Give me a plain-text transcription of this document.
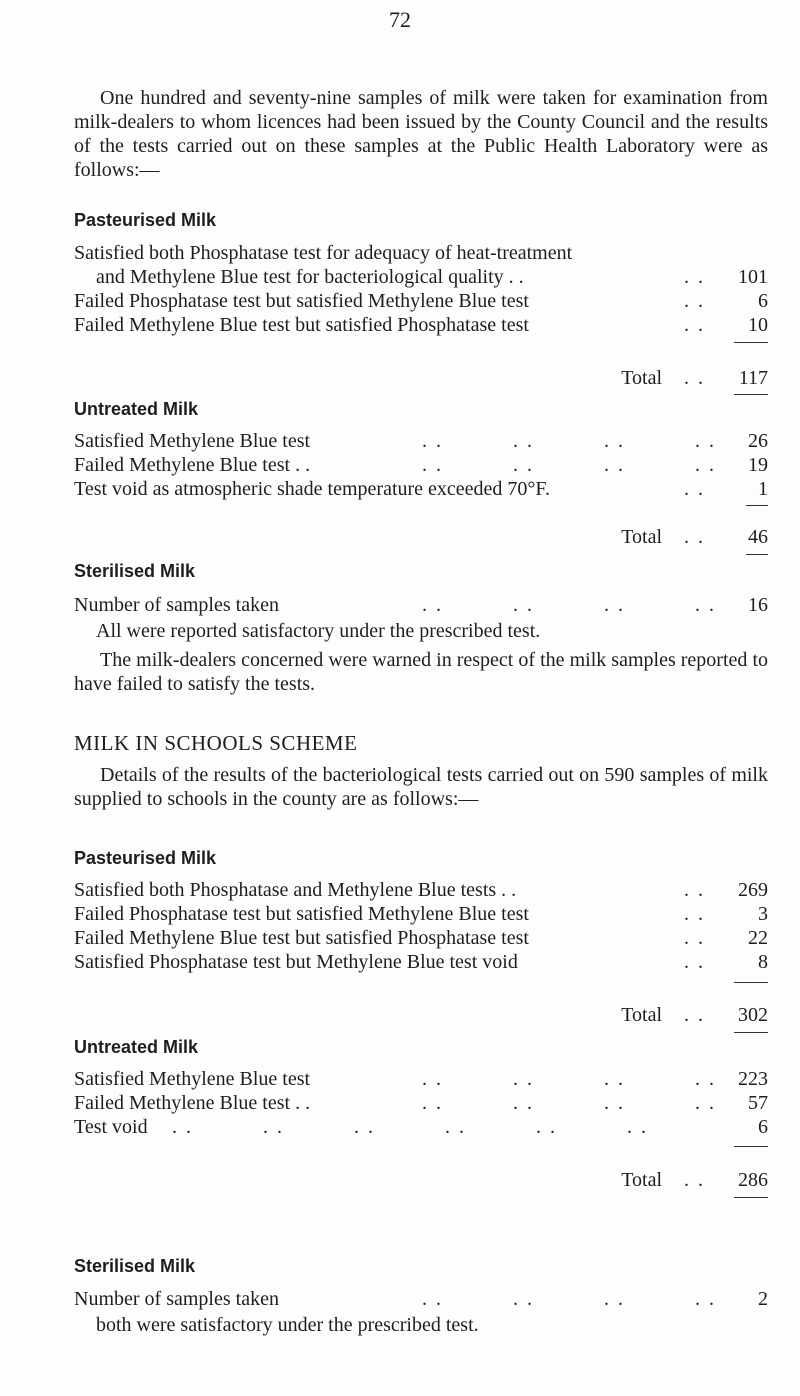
72
One hundred and seventy-nine samples of milk were taken for examination from milk-dealers to whom licences had been issued by the County Council and the results of the tests carried out on these samples at the Public Health Laboratory were as follows:—
Pasteurised Milk
Satisfied both Phosphatase test for adequacy of heat-treatment
and Methylene Blue test for bacteriological quality . .	. . 101
Failed Phosphatase test but satisfied Methylene Blue test	. .	6
Failed Methylene Blue test but satisfied Phosphatase test	. . 10
Total . . 117
Untreated Milk
Satisfied Methylene Blue test	. .          . .          . .          . . 26
Failed Methylene Blue test . .	. .          . .          . .          . . 19
Test void as atmospheric shade temperature exceeded 70°F.	. .	1
Total . . 46
Sterilised Milk
Number of samples taken	. .          . .          . .          . . 16
All were reported satisfactory under the prescribed test.
The milk-dealers concerned were warned in respect of the milk samples reported to have failed to satisfy the tests.
MILK IN SCHOOLS SCHEME
Details of the results of the bacteriological tests carried out on 590 samples of milk supplied to schools in the county are as follows:—
Pasteurised Milk
Satisfied both Phosphatase and Methylene Blue tests . .	. . 269
Failed Phosphatase test but satisfied Methylene Blue test	. .	3
Failed Methylene Blue test but satisfied Phosphatase test	. . 22
Satisfied Phosphatase test but Methylene Blue test void	. .	8
Total . . 302
Untreated Milk
Satisfied Methylene Blue test	. .          . .          . .          . . 223
Failed Methylene Blue test . .	. .          . .          . .          . . 57
Test void . .          . .          . .          . .          . .          . .	6
Total . . 286
Sterilised Milk
Number of samples taken	. .          . .          . .          . . 2
both were satisfactory under the prescribed test.
